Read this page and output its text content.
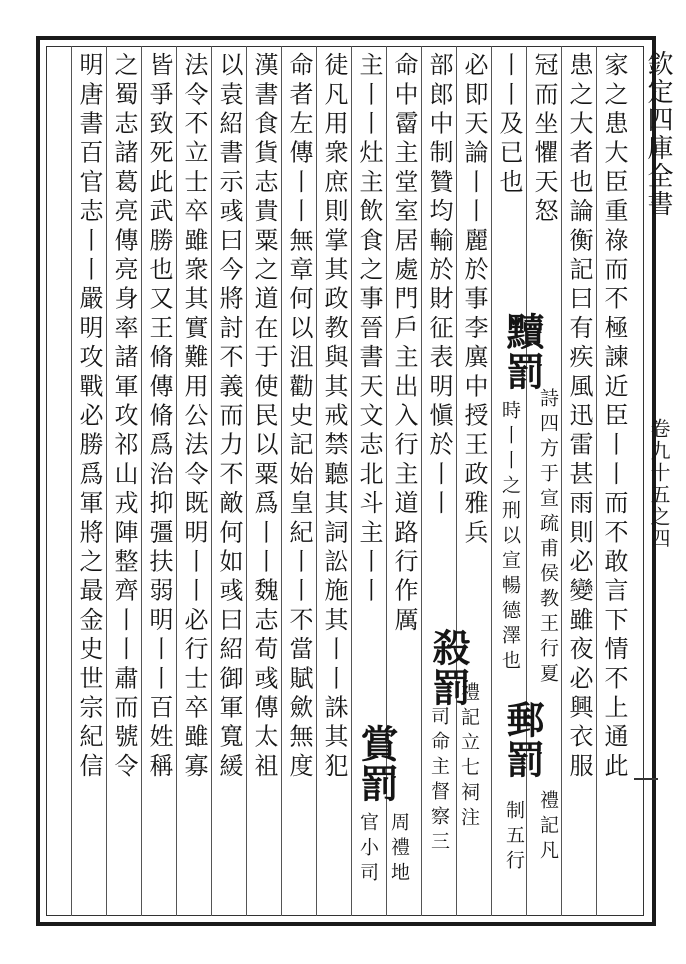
欽定四庫全書
卷九十五之四
家之患大臣重祿而不極諫近臣丨丨而不敢言下情不上通此
患之大者也論衡記曰有疾風迅雷甚雨則必變雖夜必興衣服
冠而坐懼天怒
丨丨及已也
必即天論丨丨麗於事李廙中授王政雅兵
部郎中制贊均輸於財征表明愼於丨丨
命中霤主堂室居處門戶主出入行主道路行作厲
主丨丨灶主飲食之事晉書天文志北斗主丨丨
徒凡用衆庶則掌其政教與其戒禁聽其詞訟施其丨丨誅其犯
命者左傳丨丨無章何以沮勸史記始皇紀丨丨不當賦歛無度
漢書食貨志貴粟之道在于使民以粟爲丨丨魏志荀彧傳太祖
以袁紹書示彧曰今將討不義而力不敵何如彧曰紹御軍寬緩
法令不立士卒雖衆其實難用公法令既明丨丨必行士卒雖寡
皆爭致死此武勝也又王脩傳脩爲治抑彊扶弱明丨丨百姓稱
之蜀志諸葛亮傳亮身率諸軍攻祁山戎陣整齊丨丨肅而號令
明唐書百官志丨丨嚴明攻戰必勝爲軍將之最金史世宗紀信	黷罰
詩四方于宣疏甫侯教王行夏
時丨丨之刑以宣暢德澤也
殺罰
禮記立七祠注
司命主督察三
賞罰
周禮地
官小司
郵罰
禮記凡
制五行
